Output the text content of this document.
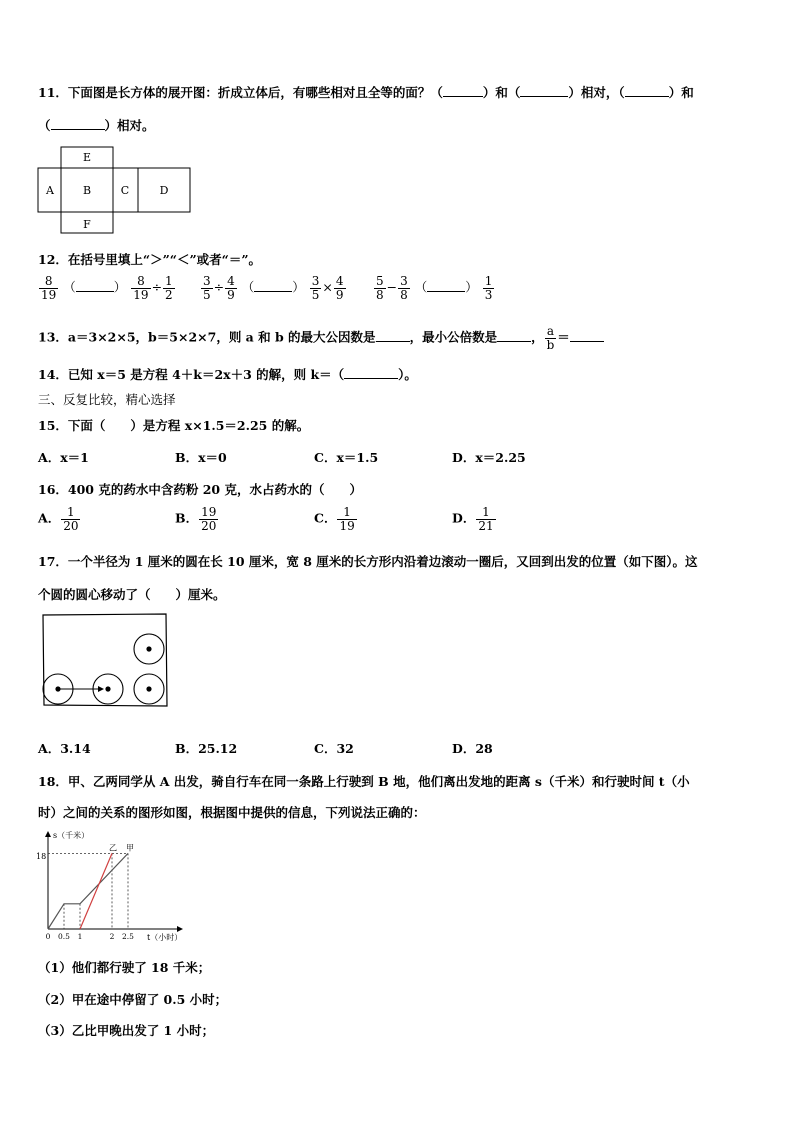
11．下面图是长方体的展开图：折成立体后，有哪些相对且全等的面？（	）和（	）相对，（	）和
（	）相对。
A	B	C	D
E
F
12．在括号里填上“＞”“＜”或者“＝”。
$\frac{8}{19}$ （	） $\frac{8}{19} \div \frac{1}{2} \frac{3}{5} \div \frac{4}{9}$ （	） $\frac{3}{5} \times \frac{4}{9} \frac{5}{8} - \frac{3}{8}$ （	） $\frac{1}{3}$
13．a＝3×2×5，b＝5×2×7，则 a 和 b 的最大公因数是	，最小公倍数是	， $\frac{a}{b}$ ＝
14．已知 x＝5 是方程 4＋k＝2x＋3 的解，则 k＝（	）。
三、反复比较，精心选择
15．下面（　　）是方程 x×1.5＝2.25 的解。
A．x＝1	B．x＝0	C．x＝1.5	D．x＝2.25
16．400 克的药水中含药粉 20 克，水占药水的（　　）
A． $\frac{1}{20}$	B． $\frac{19}{20}$	C． $\frac{1}{19}$	D． $\frac{1}{21}$
17．一个半径为 1 厘米的圆在长 10 厘米，宽 8 厘米的长方形内沿着边滚动一圈后，又回到出发的位置（如下图）。这
个圆的圆心移动了（　　）厘米。
A．3.14	B．25.12	C．32	D．28
18．甲、乙两同学从 A 出发，骑自行车在同一条路上行驶到 B 地，他们离出发地的距离 s（千米）和行驶时间 t（小
时）之间的关系的图形如图，根据图中提供的信息，下列说法正确的：
s（千米）
t（小时）
18
0 0.5 1	2 2.5
乙 甲
（1）他们都行驶了 18 千米；
（2）甲在途中停留了 0.5 小时；
（3）乙比甲晚出发了 1 小时；
